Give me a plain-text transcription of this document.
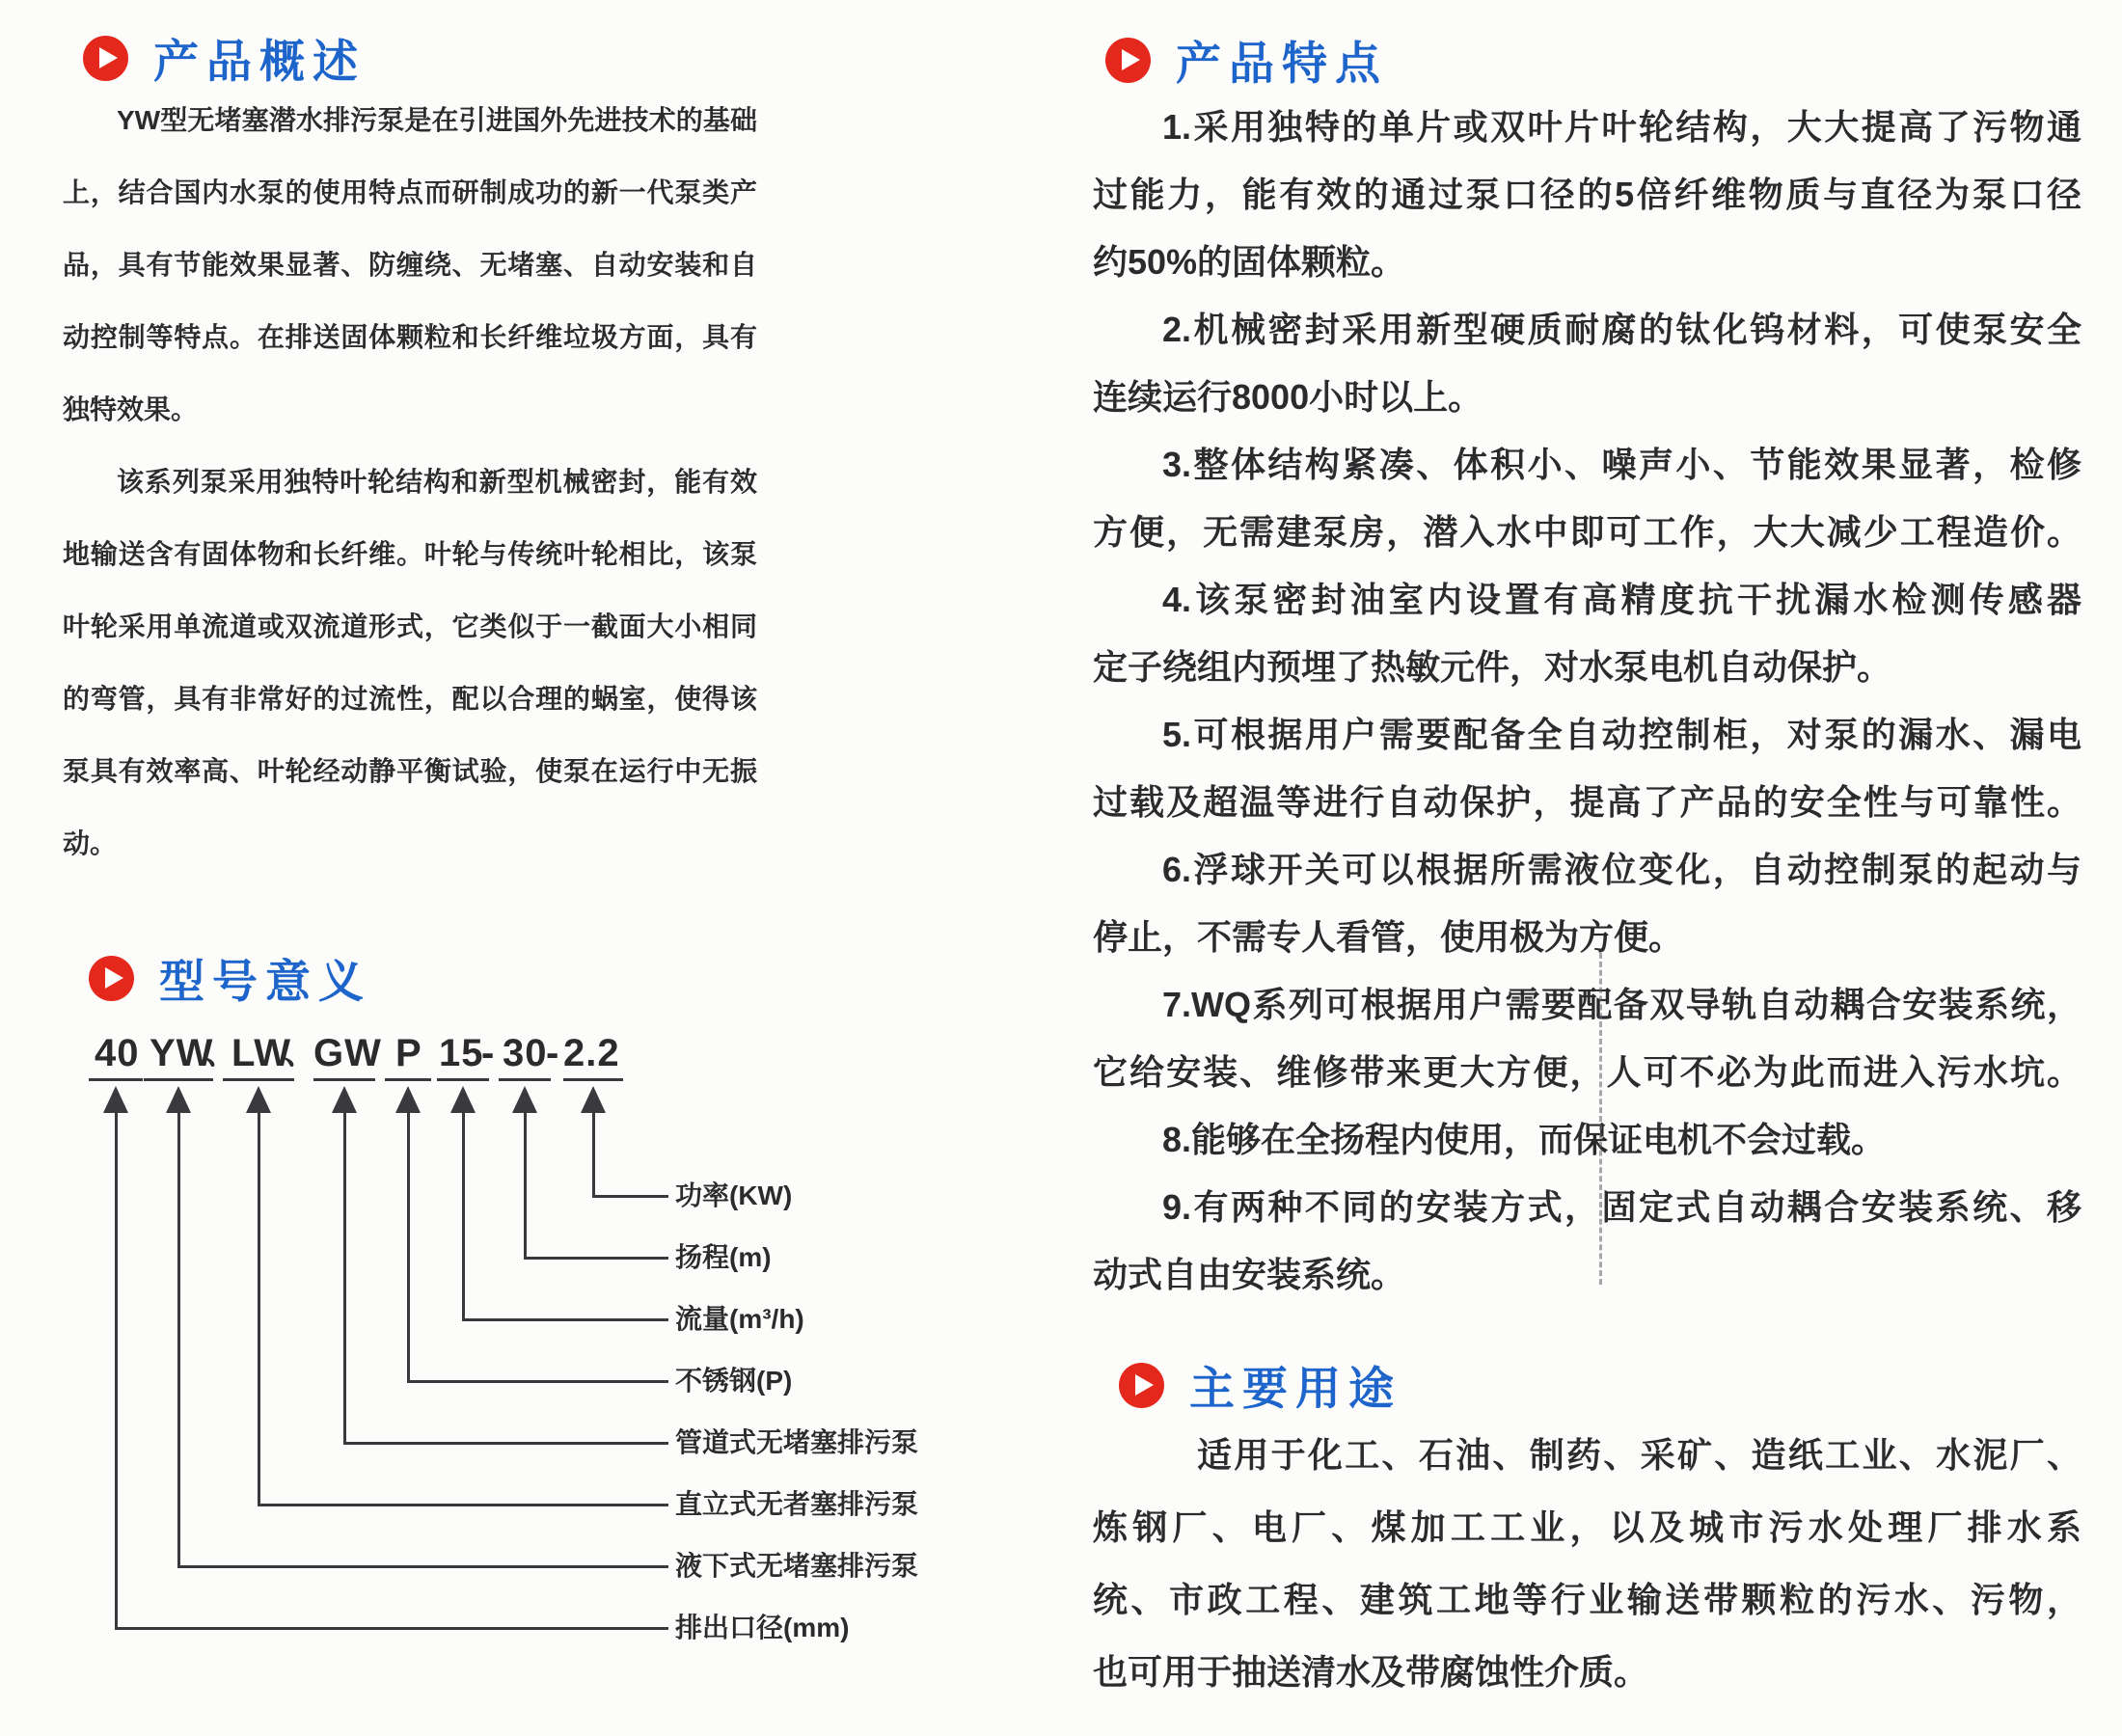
产品概述
YW型无堵塞潜水排污泵是在引进国外先进技术的基础
上，结合国内水泵的使用特点而研制成功的新一代泵类产
品，具有节能效果显著、防缠绕、无堵塞、自动安装和自
动控制等特点。在排送固体颗粒和长纤维垃圾方面，具有
独特效果。
该系列泵采用独特叶轮结构和新型机械密封，能有效
地输送含有固体物和长纤维。叶轮与传统叶轮相比，该泵
叶轮采用单流道或双流道形式，它类似于一截面大小相同
的弯管，具有非常好的过流性，配以合理的蜗室，使得该
泵具有效率高、叶轮经动静平衡试验，使泵在运行中无振
动。
型号意义
40 YW
、
LW
、
GW P 15
- 30
- 2.2
功率(KW)
扬程(m)
流量(m³/h)
不锈钢(P)
管道式无堵塞排污泵
直立式无者塞排污泵
液下式无堵塞排污泵
排出口径(mm)
产品特点
1.采用独特的单片或双叶片叶轮结构，大大提高了污物通
过能力，能有效的通过泵口径的5倍纤维物质与直径为泵口径
约50%的固体颗粒。
2.机械密封采用新型硬质耐腐的钛化钨材料，可使泵安全
连续运行8000小时以上。
3.整体结构紧凑、体积小、噪声小、节能效果显著，检修
方便，无需建泵房，潜入水中即可工作，大大减少工程造价。
4.该泵密封油室内设置有高精度抗干扰漏水检测传感器
定子绕组内预埋了热敏元件，对水泵电机自动保护。
5.可根据用户需要配备全自动控制柜，对泵的漏水、漏电
过载及超温等进行自动保护，提高了产品的安全性与可靠性。
6.浮球开关可以根据所需液位变化，自动控制泵的起动与
停止，不需专人看管，使用极为方便。
7.WQ系列可根据用户需要配备双导轨自动耦合安装系统，
它给安装、维修带来更大方便，人可不必为此而进入污水坑。
8.能够在全扬程内使用，而保证电机不会过载。
9.有两种不同的安装方式，固定式自动耦合安装系统、移
动式自由安装系统。
主要用途
适用于化工、石油、制药、采矿、造纸工业、水泥厂、
炼钢厂、电厂、煤加工工业，以及城市污水处理厂排水系
统、市政工程、建筑工地等行业输送带颗粒的污水、污物，
也可用于抽送清水及带腐蚀性介质。
